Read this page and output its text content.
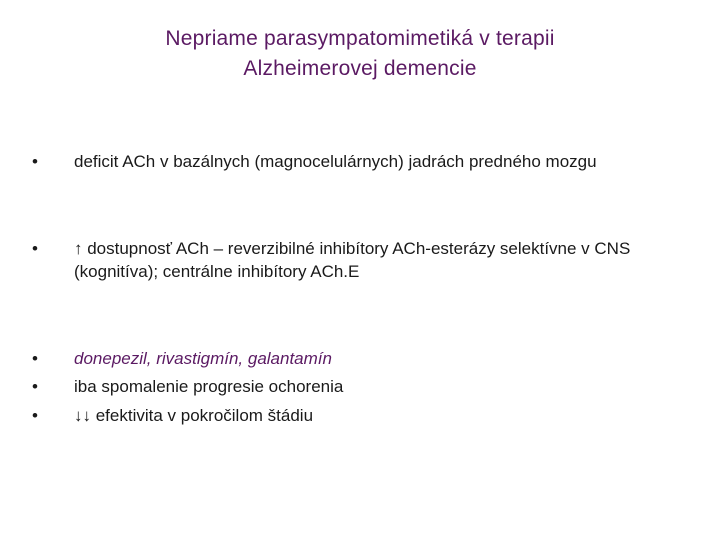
Nepriame parasympatomimetiká v terapii
Alzheimerovej demencie
•	deficit ACh v bazálnych (magnocelulárnych) jadrách predného mozgu
•	↑ dostupnosť ACh – reverzibilné inhibítory ACh-esterázy selektívne v CNS (kognitíva); centrálne inhibítory ACh.E
•	donepezil, rivastigmín, galantamín
•	iba spomalenie progresie ochorenia
•	↓↓ efektivita v pokročilom štádiu
